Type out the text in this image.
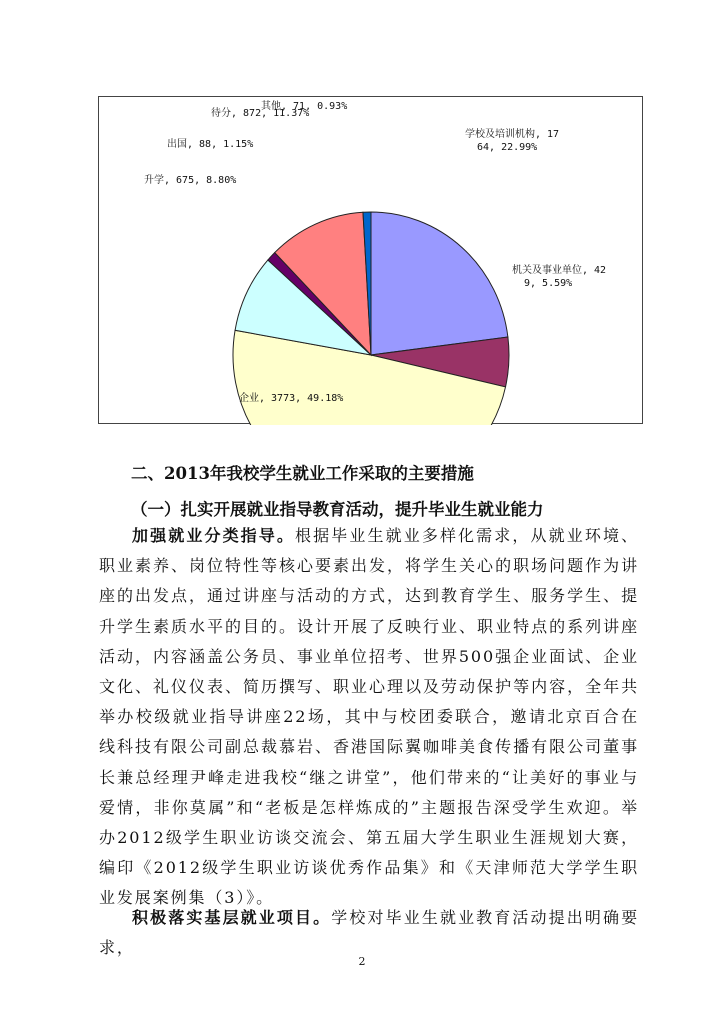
学校及培训机构, 17
64, 22.99%
机关及事业单位, 42
9, 5.59%
企业, 3773, 49.18%
升学, 675, 8.80%
出国, 88, 1.15%
待分, 872, 11.37%
其他, 71, 0.93%
二、2013年我校学生就业工作采取的主要措施
（一）扎实开展就业指导教育活动，提升毕业生就业能力

加强就业分类指导。根据毕业生就业多样化需求，从就业环境、职业素养、岗位特性等核心要素出发，将学生关心的职场问题作为讲座的出发点，通过讲座与活动的方式，达到教育学生、服务学生、提升学生素质水平的目的。设计开展了反映行业、职业特点的系列讲座活动，内容涵盖公务员、事业单位招考、世界500强企业面试、企业文化、礼仪仪表、简历撰写、职业心理以及劳动保护等内容，全年共举办校级就业指导讲座22场，其中与校团委联合，邀请北京百合在线科技有限公司副总裁慕岩、香港国际翼咖啡美食传播有限公司董事长兼总经理尹峰走进我校“继之讲堂”，他们带来的“让美好的事业与爱情，非你莫属”和“老板是怎样炼成的”主题报告深受学生欢迎。举办2012级学生职业访谈交流会、第五届大学生职业生涯规划大赛，编印《2012级学生职业访谈优秀作品集》和《天津师范大学学生职业发展案例集（3）》。

积极落实基层就业项目。学校对毕业生就业教育活动提出明确要求，

2
